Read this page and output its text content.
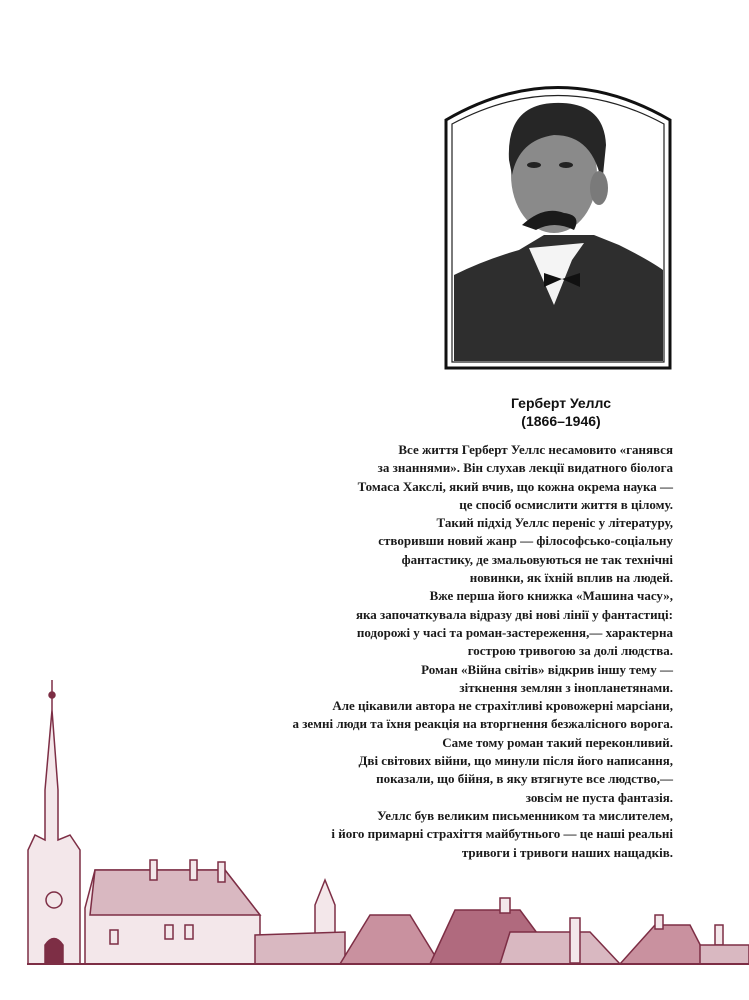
Герберт Уеллс
(1866–1946)
Все життя Герберт Уеллс несамовито «ганявся
за знаннями». Він слухав лекції видатного біолога
Томаса Хакслі, який вчив, що кожна окрема наука —
це спосіб осмислити життя в цілому.
Такий підхід Уеллс переніс у літературу,
створивши новий жанр — філософсько-соціальну
фантастику, де змальовуються не так технічні
новинки, як їхній вплив на людей.
Вже перша його книжка «Машина часу»,
яка започаткувала відразу дві нові лінії у фантастиці:
подорожі у часі та роман-застереження,— характерна
гострою тривогою за долі людства.
Роман «Війна світів» відкрив іншу тему —
зіткнення землян з інопланетянами.
Але цікавили автора не страхітливі кровожерні марсіани,
а земні люди та їхня реакція на вторгнення безжалісного ворога.
Саме тому роман такий переконливий.
Дві світових війни, що минули після його написання,
показали, що бійня, в яку втягнуте все людство,—
зовсім не пуста фантазія.
Уеллс був великим письменником та мислителем,
і його примарні страхіття майбутнього — це наші реальні
тривоги і тривоги наших нащадків.
